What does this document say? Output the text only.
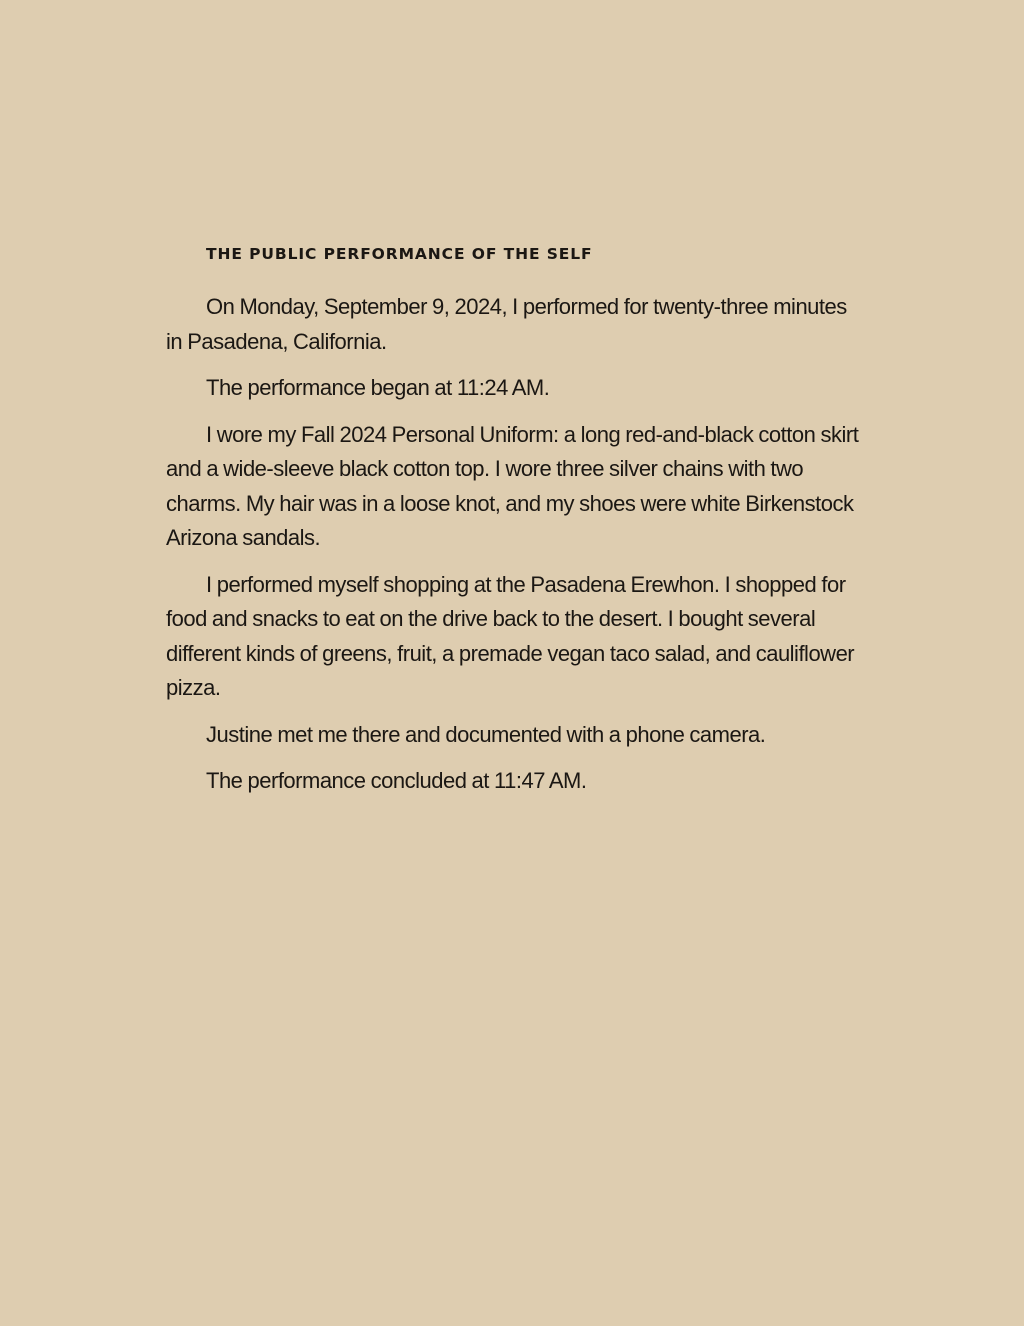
THE PUBLIC PERFORMANCE OF THE SELF

On Monday, September 9, 2024, I performed for twenty-three minutes in Pasadena, California.

The performance began at 11:24 AM.

I wore my Fall 2024 Personal Uniform: a long red-and-black cotton skirt and a wide-sleeve black cotton top. I wore three silver chains with two charms. My hair was in a loose knot, and my shoes were white Birkenstock Arizona sandals.

I performed myself shopping at the Pasadena Erewhon. I shopped for food and snacks to eat on the drive back to the desert. I bought several different kinds of greens, fruit, a premade vegan taco salad, and cauliflower pizza.

Justine met me there and documented with a phone camera.

The performance concluded at 11:47 AM.
